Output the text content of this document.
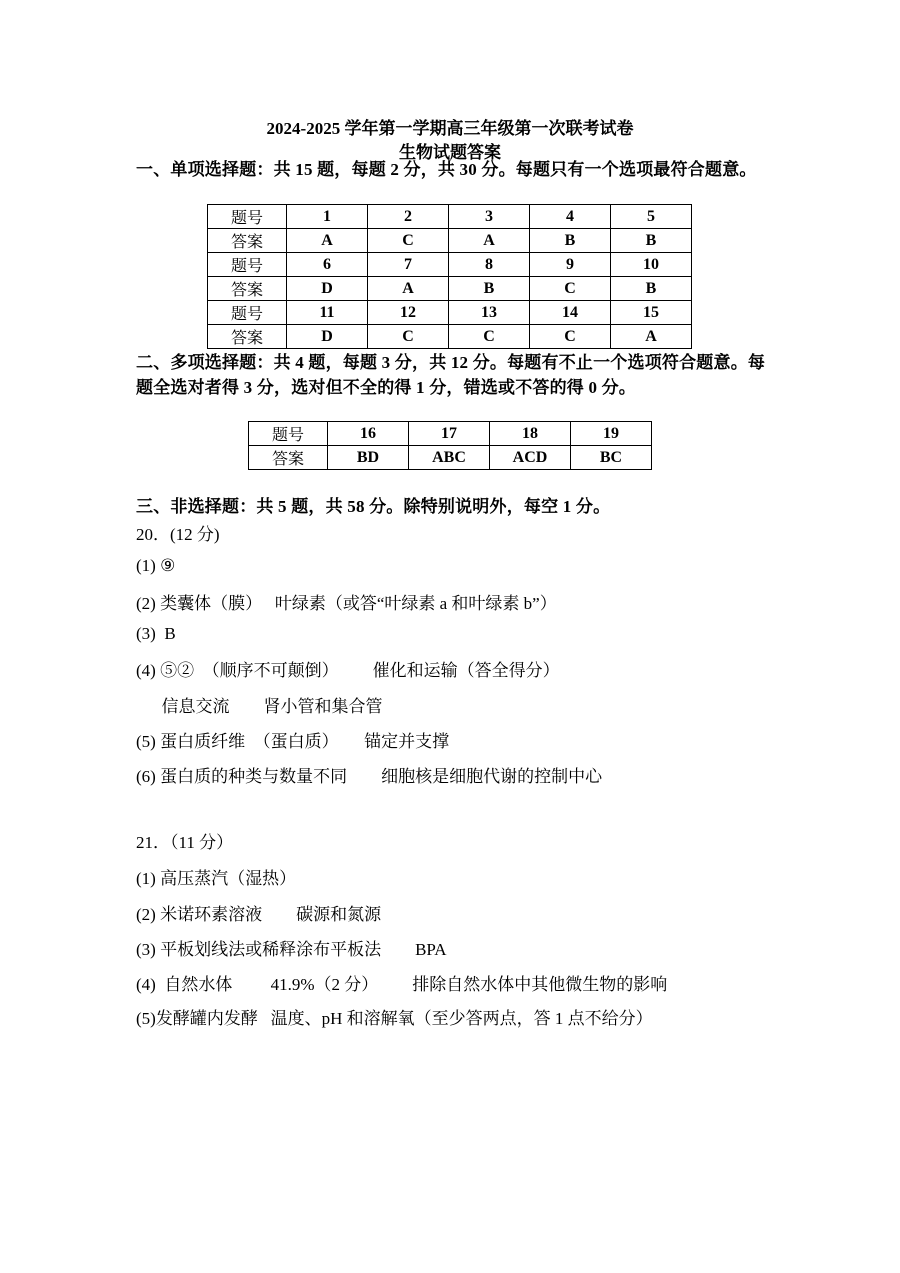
2024-2025 学年第一学期高三年级第一次联考试卷
生物试题答案
一、单项选择题：共 15 题，每题 2 分，共 30 分。每题只有一个选项最符合题意。
题号	1	2	3	4	5
答案	A	C	A	B	B
题号	6	7	8	9	10
答案	D	A	B	C	B
题号	11	12	13	14	15
答案	D	C	C	C	A
二、多项选择题：共 4 题，每题 3 分，共 12 分。每题有不止一个选项符合题意。每题全选对者得 3 分，选对但不全的得 1 分，错选或不答的得 0 分。
题号	16	17	18	19
答案	BD	ABC	ACD	BC
三、非选择题：共 5 题，共 58 分。除特别说明外，每空 1 分。
20．(12 分)
(1) ⑨
(2) 类囊体（膜）   叶绿素（或答“叶绿素 a 和叶绿素 b”）
(3)  B
(4) ⑤②  （顺序不可颠倒）        催化和运输（答全得分）
信息交流        肾小管和集合管
(5) 蛋白质纤维  （蛋白质）      锚定并支撑
(6) 蛋白质的种类与数量不同        细胞核是细胞代谢的控制中心
21．（11 分）
(1) 高压蒸汽（湿热）
(2) 米诺环素溶液        碳源和氮源
(3) 平板划线法或稀释涂布平板法        BPA
(4)  自然水体         41.9%（2 分）        排除自然水体中其他微生物的影响
(5)发酵罐内发酵   温度、pH 和溶解氧（至少答两点，答 1 点不给分）
